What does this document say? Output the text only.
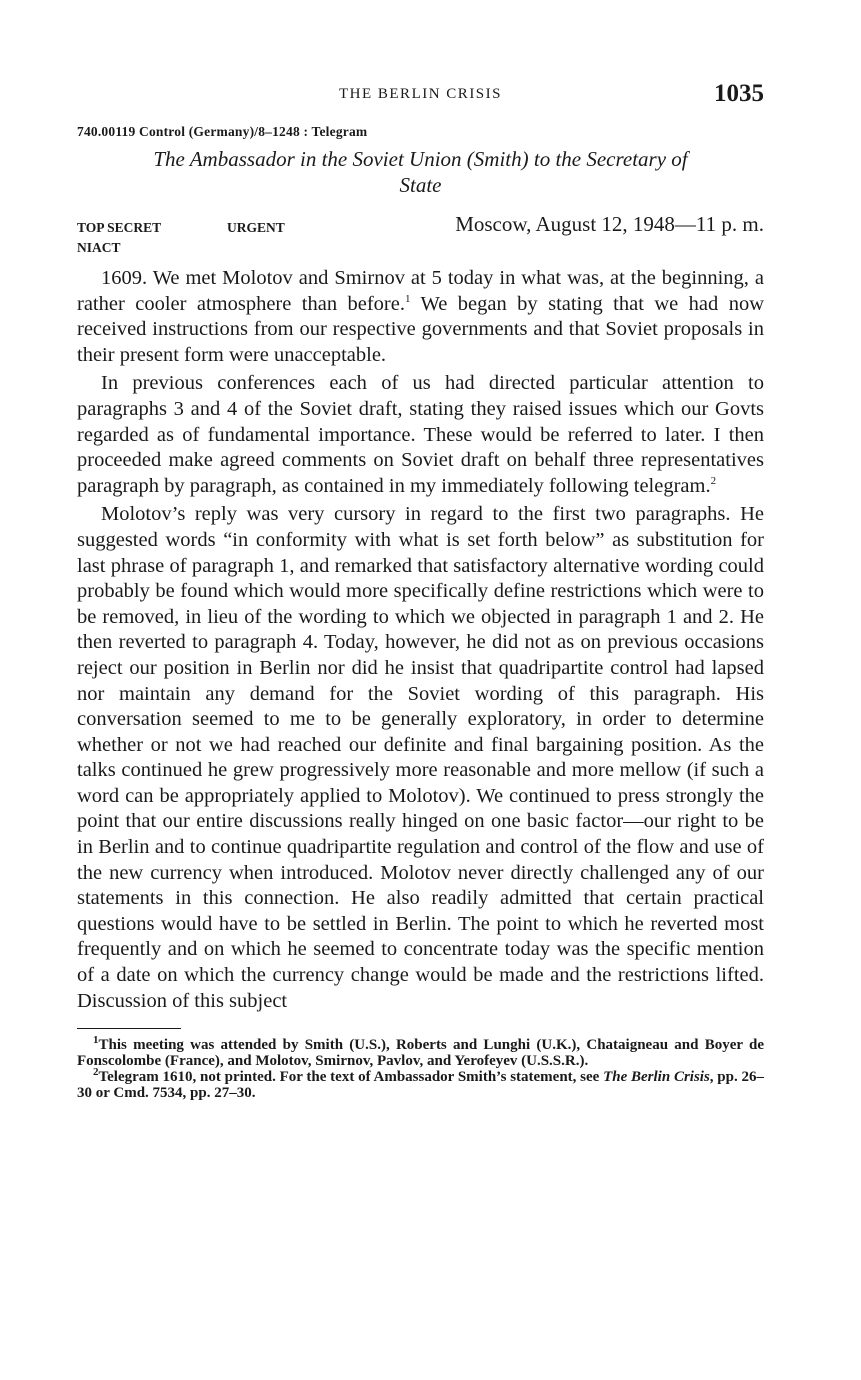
THE BERLIN CRISIS	1035
740.00119 Control (Germany)/8–1248 : Telegram
The Ambassador in the Soviet Union (Smith) to the Secretary of State
TOP SECRET	URGENT	Moscow, August 12, 1948—11 p. m.
NIACT

1609. We met Molotov and Smirnov at 5 today in what was, at the beginning, a rather cooler atmosphere than before.$^1$ We began by stating that we had now received instructions from our respective governments and that Soviet proposals in their present form were unacceptable.

In previous conferences each of us had directed particular attention to paragraphs 3 and 4 of the Soviet draft, stating they raised issues which our Govts regarded as of fundamental importance. These would be referred to later. I then proceeded make agreed comments on Soviet draft on behalf three representatives paragraph by paragraph, as contained in my immediately following telegram.$^2$

Molotov’s reply was very cursory in regard to the first two paragraphs. He suggested words “in conformity with what is set forth below” as substitution for last phrase of paragraph 1, and remarked that satisfactory alternative wording could probably be found which would more specifically define restrictions which were to be removed, in lieu of the wording to which we objected in paragraph 1 and 2. He then reverted to paragraph 4. Today, however, he did not as on previous occasions reject our position in Berlin nor did he insist that quadripartite control had lapsed nor maintain any demand for the Soviet wording of this paragraph. His conversation seemed to me to be generally exploratory, in order to determine whether or not we had reached our definite and final bargaining position. As the talks continued he grew progressively more reasonable and more mellow (if such a word can be appropriately applied to Molotov). We continued to press strongly the point that our entire discussions really hinged on one basic factor—our right to be in Berlin and to continue quadripartite regulation and control of the flow and use of the new currency when introduced. Molotov never directly challenged any of our statements in this connection. He also readily admitted that certain practical questions would have to be settled in Berlin. The point to which he reverted most frequently and on which he seemed to concentrate today was the specific mention of a date on which the currency change would be made and the restrictions lifted. Discussion of this subject

$^1$This meeting was attended by Smith (U.S.), Roberts and Lunghi (U.K.), Chataigneau and Boyer de Fonscolombe (France), and Molotov, Smirnov, Pavlov, and Yerofeyev (U.S.S.R.).

$^2$Telegram 1610, not printed. For the text of Ambassador Smith’s statement, see The Berlin Crisis, pp. 26–30 or Cmd. 7534, pp. 27–30.
